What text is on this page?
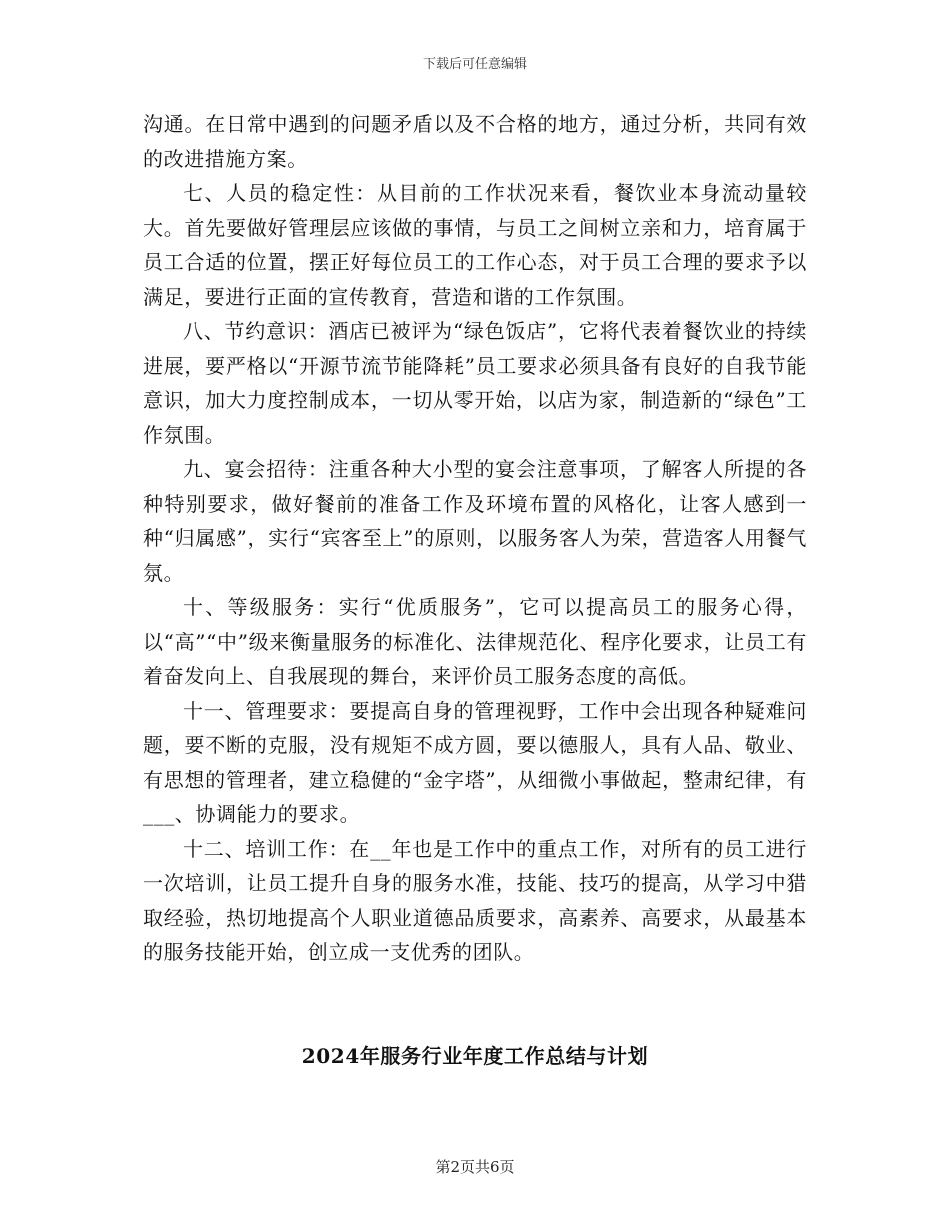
下载后可任意编辑

沟通。在日常中遇到的问题矛盾以及不合格的地方，通过分析，共同有效的改进措施方案。

七、人员的稳定性：从目前的工作状况来看，餐饮业本身流动量较大。首先要做好管理层应该做的事情，与员工之间树立亲和力，培育属于员工合适的位置，摆正好每位员工的工作心态，对于员工合理的要求予以满足，要进行正面的宣传教育，营造和谐的工作氛围。

八、节约意识：酒店已被评为“绿色饭店”，它将代表着餐饮业的持续进展，要严格以“开源节流节能降耗”员工要求必须具备有良好的自我节能意识，加大力度控制成本，一切从零开始，以店为家，制造新的“绿色”工作氛围。

九、宴会招待：注重各种大小型的宴会注意事项，了解客人所提的各种特别要求，做好餐前的准备工作及环境布置的风格化，让客人感到一种“归属感”，实行“宾客至上”的原则，以服务客人为荣，营造客人用餐气氛。

十、等级服务：实行“优质服务”，它可以提高员工的服务心得，以“高”“中”级来衡量服务的标准化、法律规范化、程序化要求，让员工有着奋发向上、自我展现的舞台，来评价员工服务态度的高低。

十一、管理要求：要提高自身的管理视野，工作中会出现各种疑难问题，要不断的克服，没有规矩不成方圆，要以德服人，具有人品、敬业、有思想的管理者，建立稳健的“金字塔”，从细微小事做起，整肃纪律，有___、协调能力的要求。

十二、培训工作：在__年也是工作中的重点工作，对所有的员工进行一次培训，让员工提升自身的服务水准，技能、技巧的提高，从学习中猎取经验，热切地提高个人职业道德品质要求，高素养、高要求，从最基本的服务技能开始，创立成一支优秀的团队。

2024年服务行业年度工作总结与计划
第2页共6页
